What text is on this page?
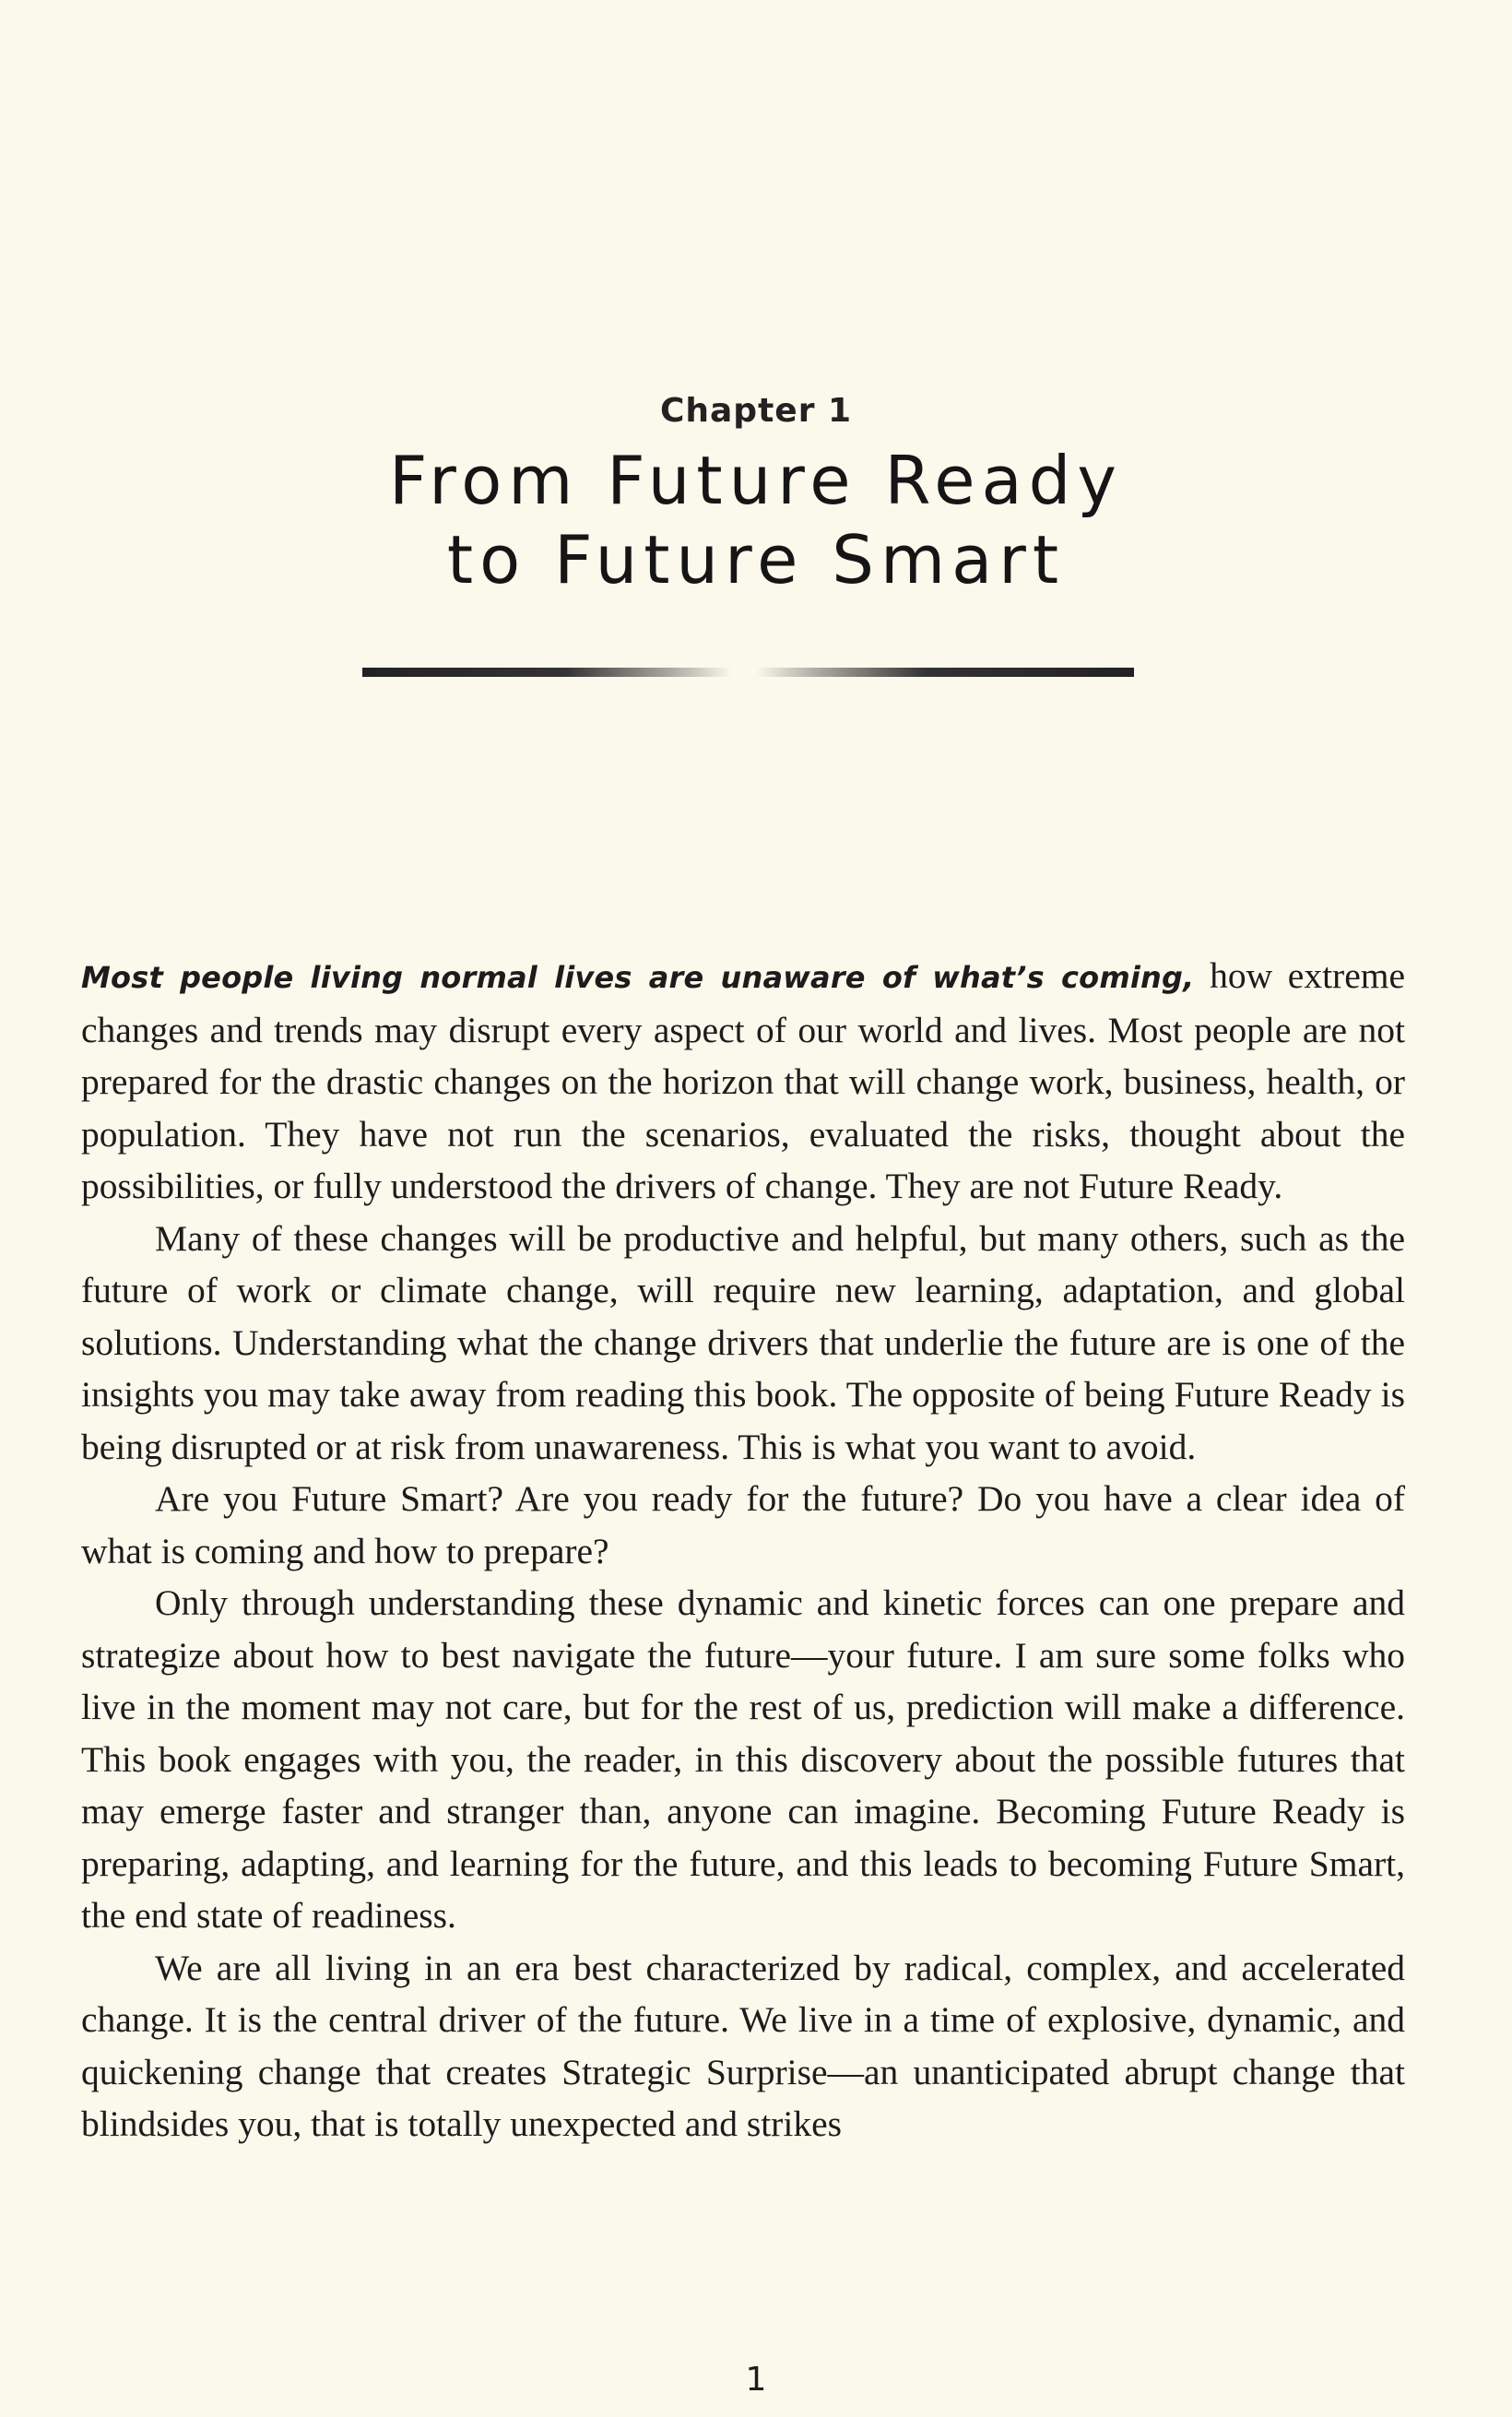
Chapter 1
From Future Ready
to Future Smart

Most people living normal lives are unaware of what’s coming, how extreme changes and trends may disrupt every aspect of our world and lives. Most people are not prepared for the drastic changes on the horizon that will change work, business, health, or population. They have not run the scenarios, evaluated the risks, thought about the possibilities, or fully understood the drivers of change. They are not Future Ready.

Many of these changes will be productive and helpful, but many others, such as the future of work or climate change, will require new learning, adaptation, and global solutions. Understanding what the change drivers that underlie the future are is one of the insights you may take away from reading this book. The opposite of being Future Ready is being disrupted or at risk from unawareness. This is what you want to avoid.

Are you Future Smart? Are you ready for the future? Do you have a clear idea of what is coming and how to prepare?

Only through understanding these dynamic and kinetic forces can one prepare and strategize about how to best navigate the future—your future. I am sure some folks who live in the moment may not care, but for the rest of us, prediction will make a difference. This book engages with you, the reader, in this discovery about the possible futures that may emerge faster and stranger than, anyone can imagine. Becoming Future Ready is preparing, adapting, and learning for the future, and this leads to becoming Future Smart, the end state of readiness.

We are all living in an era best characterized by radical, complex, and accelerated change. It is the central driver of the future. We live in a time of explosive, dynamic, and quickening change that creates Strategic Surprise—an unanticipated abrupt change that blindsides you, that is totally unexpected and strikes

1
